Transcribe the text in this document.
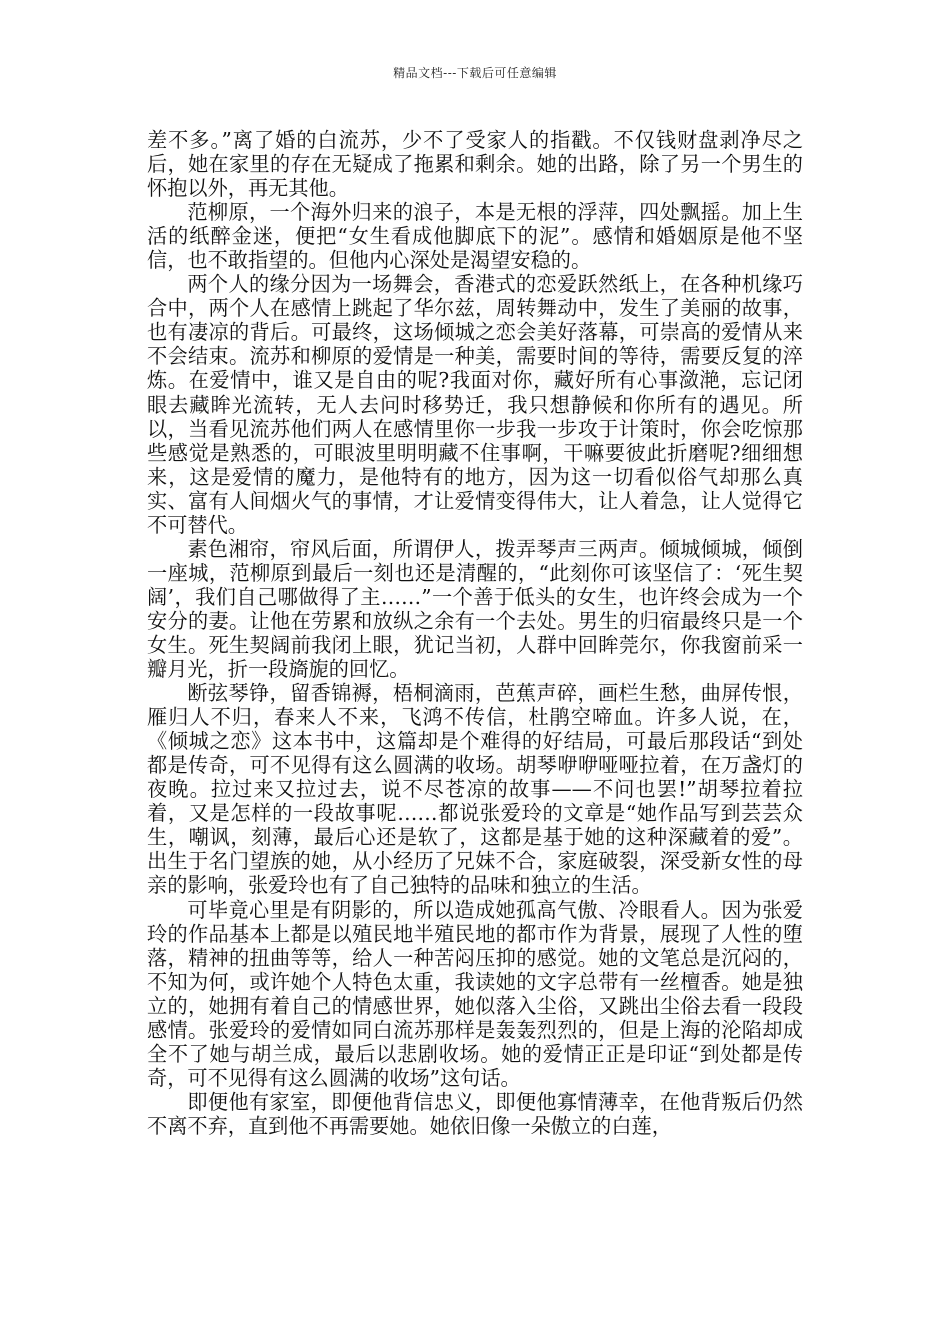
精品文档---下载后可任意编辑

差不多。”离了婚的白流苏，少不了受家人的指戳。不仅钱财盘剥净尽之后，她在家里的存在无疑成了拖累和剩余。她的出路，除了另一个男生的怀抱以外，再无其他。

范柳原，一个海外归来的浪子，本是无根的浮萍，四处飘摇。加上生活的纸醉金迷，便把“女生看成他脚底下的泥”。感情和婚姻原是他不坚信，也不敢指望的。但他内心深处是渴望安稳的。

两个人的缘分因为一场舞会，香港式的恋爱跃然纸上，在各种机缘巧合中，两个人在感情上跳起了华尔兹，周转舞动中，发生了美丽的故事，也有凄凉的背后。可最终，这场倾城之恋会美好落幕，可崇高的爱情从来不会结束。流苏和柳原的爱情是一种美，需要时间的等待，需要反复的淬炼。在爱情中，谁又是自由的呢?我面对你，藏好所有心事潋滟，忘记闭眼去藏眸光流转，无人去问时移势迁，我只想静候和你所有的遇见。所以，当看见流苏他们两人在感情里你一步我一步攻于计策时，你会吃惊那些感觉是熟悉的，可眼波里明明藏不住事啊，干嘛要彼此折磨呢?细细想来，这是爱情的魔力，是他特有的地方，因为这一切看似俗气却那么真实、富有人间烟火气的事情，才让爱情变得伟大，让人着急，让人觉得它不可替代。

素色湘帘，帘风后面，所谓伊人，拨弄琴声三两声。倾城倾城，倾倒一座城，范柳原到最后一刻也还是清醒的，“此刻你可该坚信了：‘死生契阔’，我们自己哪做得了主……”一个善于低头的女生，也许终会成为一个安分的妻。让他在劳累和放纵之余有一个去处。男生的归宿最终只是一个女生。死生契阔前我闭上眼，犹记当初，人群中回眸莞尔，你我窗前采一瓣月光，折一段旖旎的回忆。

断弦琴铮，留香锦褥，梧桐滴雨，芭蕉声碎，画栏生愁，曲屏传恨，雁归人不归，春来人不来，飞鸿不传信，杜鹃空啼血。许多人说，在，《倾城之恋》这本书中，这篇却是个难得的好结局，可最后那段话“到处都是传奇，可不见得有这么圆满的收场。胡琴咿咿哑哑拉着，在万盏灯的夜晚。拉过来又拉过去，说不尽苍凉的故事——不问也罢!”胡琴拉着拉着，又是怎样的一段故事呢……都说张爱玲的文章是“她作品写到芸芸众生，嘲讽，刻薄，最后心还是软了，这都是基于她的这种深藏着的爱”。出生于名门望族的她，从小经历了兄妹不合，家庭破裂，深受新女性的母亲的影响，张爱玲也有了自己独特的品味和独立的生活。

可毕竟心里是有阴影的，所以造成她孤高气傲、冷眼看人。因为张爱玲的作品基本上都是以殖民地半殖民地的都市作为背景，展现了人性的堕落，精神的扭曲等等，给人一种苦闷压抑的感觉。她的文笔总是沉闷的，不知为何，或许她个人特色太重，我读她的文字总带有一丝檀香。她是独立的，她拥有着自己的情感世界，她似落入尘俗，又跳出尘俗去看一段段感情。张爱玲的爱情如同白流苏那样是轰轰烈烈的，但是上海的沦陷却成全不了她与胡兰成，最后以悲剧收场。她的爱情正正是印证“到处都是传奇，可不见得有这么圆满的收场”这句话。

即便他有家室，即便他背信忠义，即便他寡情薄幸，在他背叛后仍然不离不弃，直到他不再需要她。她依旧像一朵傲立的白莲，
